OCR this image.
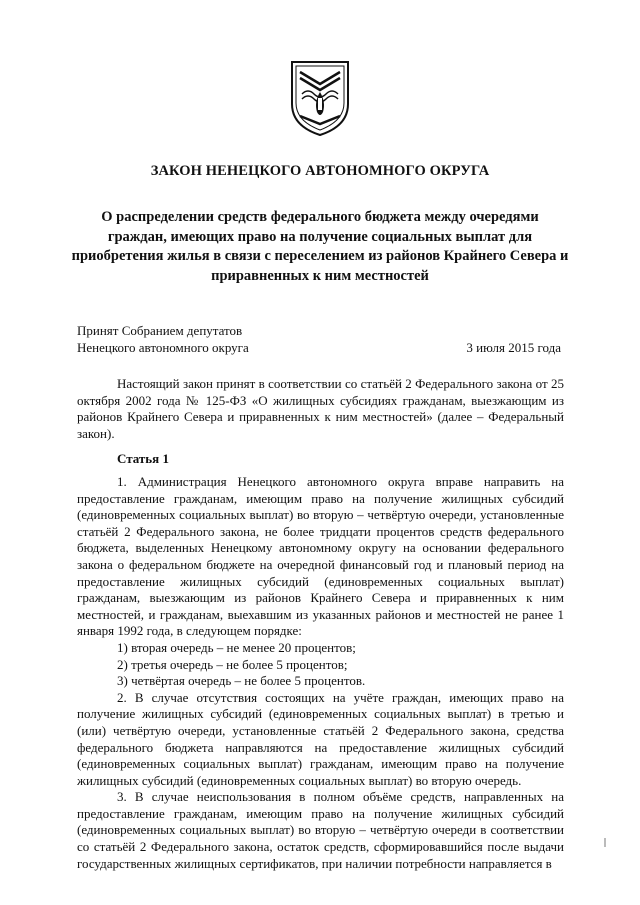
ЗАКОН НЕНЕЦКОГО АВТОНОМНОГО ОКРУГА
О распределении средств федерального бюджета между очередями граждан, имеющих право на получение социальных выплат для приобретения жилья в связи с переселением из районов Крайнего Севера и приравненных к ним местностей
Принят Собранием депутатов
Ненецкого автономного округа	3 июля 2015 года

Настоящий закон принят в соответствии со статьёй 2 Федерального закона от 25 октября 2002 года № 125-ФЗ «О жилищных субсидиях гражданам, выезжающим из районов Крайнего Севера и приравненных к ним местностей» (далее – Федеральный закон).

Статья 1

1. Администрация Ненецкого автономного округа вправе направить на предоставление гражданам, имеющим право на получение жилищных субсидий (единовременных социальных выплат) во вторую – четвёртую очереди, установленные статьёй 2 Федерального закона, не более тридцати процентов средств федерального бюджета, выделенных Ненецкому автономному округу на основании федерального закона о федеральном бюджете на очередной финансовый год и плановый период на предоставление жилищных субсидий (единовременных социальных выплат) гражданам, выезжающим из районов Крайнего Севера и приравненных к ним местностей, и гражданам, выехавшим из указанных районов и местностей не ранее 1 января 1992 года, в следующем порядке:

1) вторая очередь – не менее 20 процентов;

2) третья очередь – не более 5 процентов;

3) четвёртая очередь – не более 5 процентов.

2. В случае отсутствия состоящих на учёте граждан, имеющих право на получение жилищных субсидий (единовременных социальных выплат) в третью и (или) четвёртую очереди, установленные статьёй 2 Федерального закона, средства федерального бюджета направляются на предоставление жилищных субсидий (единовременных социальных выплат) гражданам, имеющим право на получение жилищных субсидий (единовременных социальных выплат) во вторую очередь.

3. В случае неиспользования в полном объёме средств, направленных на предоставление гражданам, имеющим право на получение жилищных субсидий (единовременных социальных выплат) во вторую – четвёртую очереди в соответствии со статьёй 2 Федерального закона, остаток средств, сформировавшийся после выдачи государственных жилищных сертификатов, при наличии потребности направляется в
